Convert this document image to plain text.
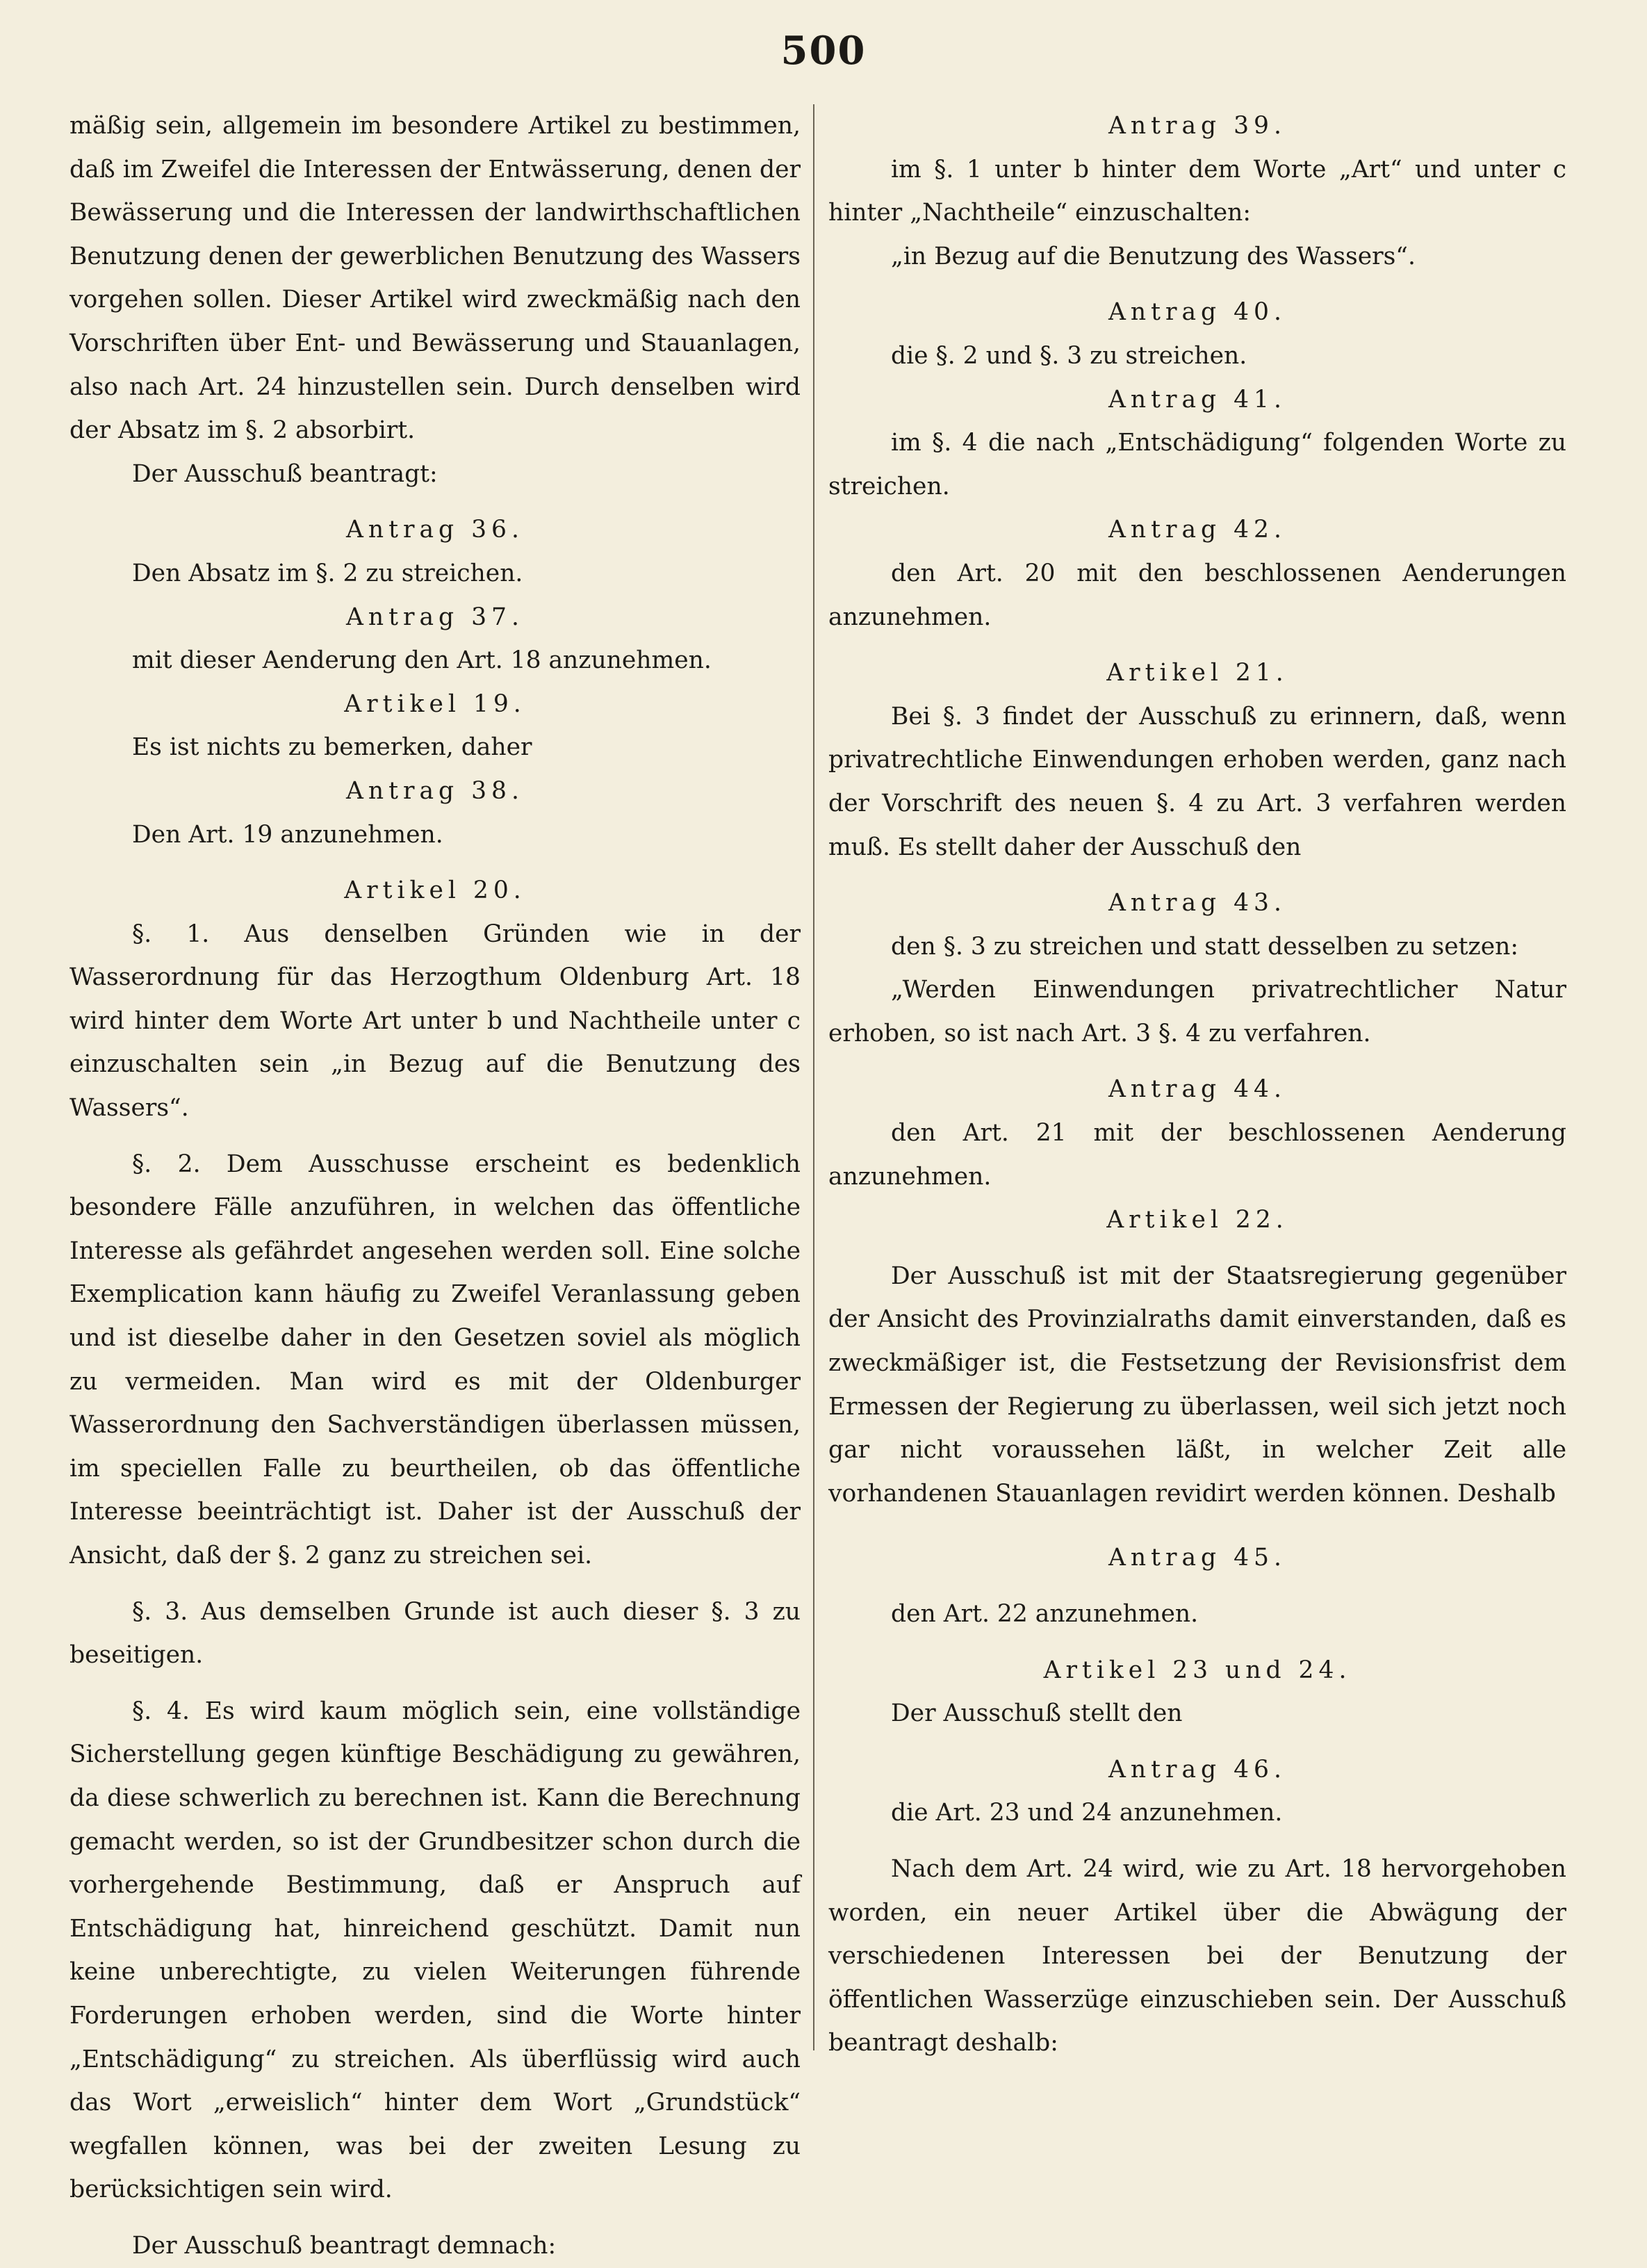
500

mäßig sein, allgemein im besondere Artikel zu bestimmen, daß im Zweifel die Interessen der Entwässerung, denen der Bewässerung und die Interessen der landwirthschaftlichen Benutzung denen der gewerblichen Benutzung des Wassers vorgehen sollen. Dieser Artikel wird zweckmäßig nach den Vorschriften über Ent- und Bewässerung und Stauanlagen, also nach Art. 24 hinzustellen sein. Durch denselben wird der Absatz im §. 2 absorbirt.

Der Ausschuß beantragt:

Antrag 36.

Den Absatz im §. 2 zu streichen.

Antrag 37.

mit dieser Aenderung den Art. 18 anzunehmen.

Artikel 19.

Es ist nichts zu bemerken, daher

Antrag 38.

Den Art. 19 anzunehmen.

Artikel 20.

§. 1. Aus denselben Gründen wie in der Wasserordnung für das Herzogthum Oldenburg Art. 18 wird hinter dem Worte Art unter b und Nachtheile unter c einzuschalten sein „in Bezug auf die Benutzung des Wassers“.

§. 2. Dem Ausschusse erscheint es bedenklich besondere Fälle anzuführen, in welchen das öffentliche Interesse als gefährdet angesehen werden soll. Eine solche Exemplication kann häufig zu Zweifel Veranlassung geben und ist dieselbe daher in den Gesetzen soviel als möglich zu vermeiden. Man wird es mit der Oldenburger Wasserordnung den Sachverständigen überlassen müssen, im speciellen Falle zu beurtheilen, ob das öffentliche Interesse beeinträchtigt ist. Daher ist der Ausschuß der Ansicht, daß der §. 2 ganz zu streichen sei.

§. 3. Aus demselben Grunde ist auch dieser §. 3 zu beseitigen.

§. 4. Es wird kaum möglich sein, eine vollständige Sicherstellung gegen künftige Beschädigung zu gewähren, da diese schwerlich zu berechnen ist. Kann die Berechnung gemacht werden, so ist der Grundbesitzer schon durch die vorhergehende Bestimmung, daß er Anspruch auf Entschädigung hat, hinreichend geschützt. Damit nun keine unberechtigte, zu vielen Weiterungen führende Forderungen erhoben werden, sind die Worte hinter „Entschädigung“ zu streichen. Als überflüssig wird auch das Wort „erweislich“ hinter dem Wort „Grundstück“ wegfallen können, was bei der zweiten Lesung zu berücksichtigen sein wird.

Der Ausschuß beantragt demnach:

Antrag 39.

im §. 1 unter b hinter dem Worte „Art“ und unter c hinter „Nachtheile“ einzuschalten:

„in Bezug auf die Benutzung des Wassers“.

Antrag 40.

die §. 2 und §. 3 zu streichen.

Antrag 41.

im §. 4 die nach „Entschädigung“ folgenden Worte zu streichen.

Antrag 42.

den Art. 20 mit den beschlossenen Aenderungen anzunehmen.

Artikel 21.

Bei §. 3 findet der Ausschuß zu erinnern, daß, wenn privatrechtliche Einwendungen erhoben werden, ganz nach der Vorschrift des neuen §. 4 zu Art. 3 verfahren werden muß. Es stellt daher der Ausschuß den

Antrag 43.

den §. 3 zu streichen und statt desselben zu setzen:

„Werden Einwendungen privatrechtlicher Natur erhoben, so ist nach Art. 3 §. 4 zu verfahren.

Antrag 44.

den Art. 21 mit der beschlossenen Aenderung anzunehmen.

Artikel 22.

Der Ausschuß ist mit der Staatsregierung gegenüber der Ansicht des Provinzialraths damit einverstanden, daß es zweckmäßiger ist, die Festsetzung der Revisionsfrist dem Ermessen der Regierung zu überlassen, weil sich jetzt noch gar nicht voraussehen läßt, in welcher Zeit alle vorhandenen Stauanlagen revidirt werden können. Deshalb

Antrag 45.

den Art. 22 anzunehmen.

Artikel 23 und 24.

Der Ausschuß stellt den

Antrag 46.

die Art. 23 und 24 anzunehmen.

Nach dem Art. 24 wird, wie zu Art. 18 hervorgehoben worden, ein neuer Artikel über die Abwägung der verschiedenen Interessen bei der Benutzung der öffentlichen Wasserzüge einzuschieben sein. Der Ausschuß beantragt deshalb:
